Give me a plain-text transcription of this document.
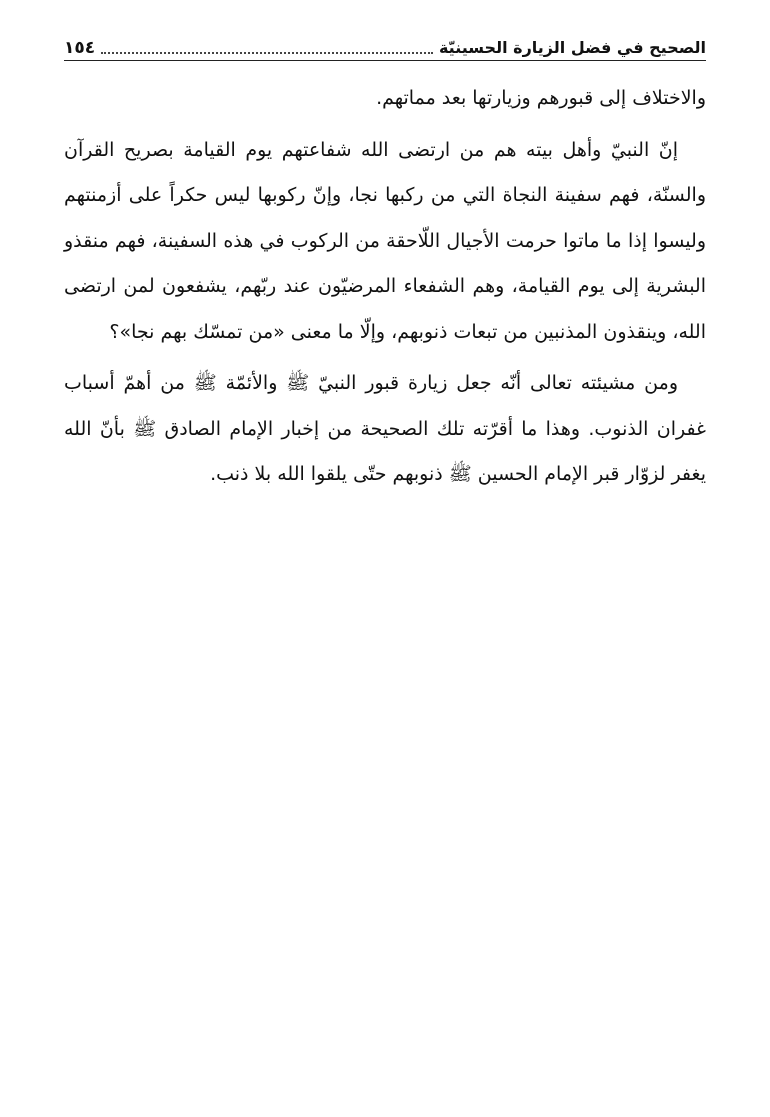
الصحيح في فضل الزيارة الحسينيّة
١٥٤

والاختلاف إلى قبورهم وزيارتها بعد مماتهم.

إنّ النبيّ وأهل بيته هم من ارتضى الله شفاعتهم يوم القيامة بصريح القرآن والسنّة، فهم سفينة النجاة التي من ركبها نجا، وإنّ ركوبها ليس حكراً على أزمنتهم وليسوا إذا ما ماتوا حرمت الأجيال اللّاحقة من الركوب في هذه السفينة، فهم منقذو البشرية إلى يوم القيامة، وهم الشفعاء المرضيّون عند ربّهم، يشفعون لمن ارتضى الله، وينقذون المذنبين من تبعات ذنوبهم، وإلّا ما معنى «من تمسّك بهم نجا»؟

ومن مشيئته تعالى أنّه جعل زيارة قبور النبيّ ﷺ والأئمّة ﷺ من أهمّ أسباب غفران الذنوب. وهذا ما أقرّته تلك الصحيحة من إخبار الإمام الصادق ﷺ بأنّ الله يغفر لزوّار قبر الإمام الحسين ﷺ ذنوبهم حتّى يلقوا الله بلا ذنب.
